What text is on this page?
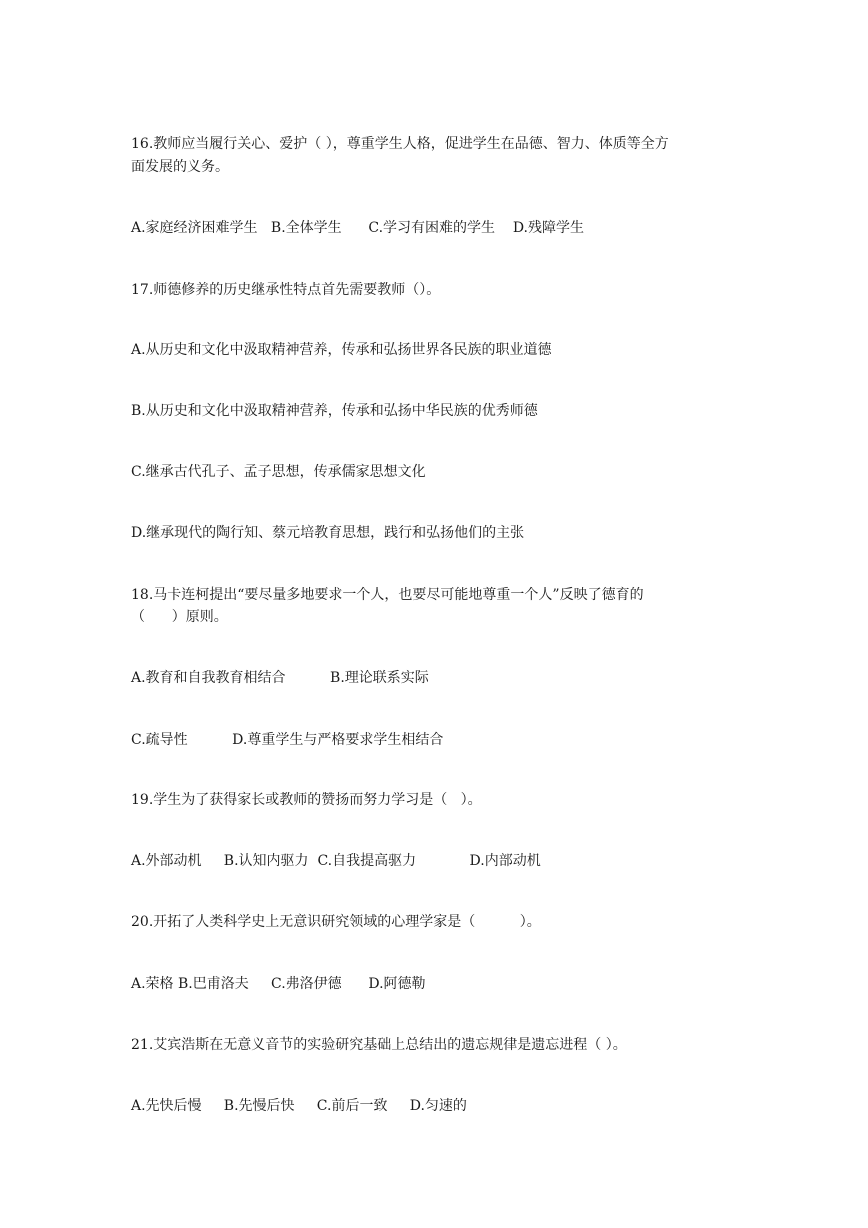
16.教师应当履行关心、爱护（ ），尊重学生人格，促进学生在品德、智力、体质等全方
面发展的义务。
A.家庭经济困难学生   B.全体学生      C.学习有困难的学生    D.残障学生
17.师德修养的历史继承性特点首先需要教师（）。
A.从历史和文化中汲取精神营养，传承和弘扬世界各民族的职业道德
B.从历史和文化中汲取精神营养，传承和弘扬中华民族的优秀师德
C.继承古代孔子、孟子思想，传承儒家思想文化
D.继承现代的陶行知、蔡元培教育思想，践行和弘扬他们的主张
18.马卡连柯提出“要尽量多地要求一个人，也要尽可能地尊重一个人”反映了德育的
（      ）原则。
A.教育和自我教育相结合          B.理论联系实际
C.疏导性          D.尊重学生与严格要求学生相结合
19.学生为了获得家长或教师的赞扬而努力学习是（   ）。
A.外部动机     B.认知内驱力  C.自我提高驱力            D.内部动机
20.开拓了人类科学史上无意识研究领域的心理学家是（          ）。
A.荣格 B.巴甫洛夫     C.弗洛伊德      D.阿德勒
21.艾宾浩斯在无意义音节的实验研究基础上总结出的遗忘规律是遗忘进程（ ）。
A.先快后慢     B.先慢后快     C.前后一致     D.匀速的
